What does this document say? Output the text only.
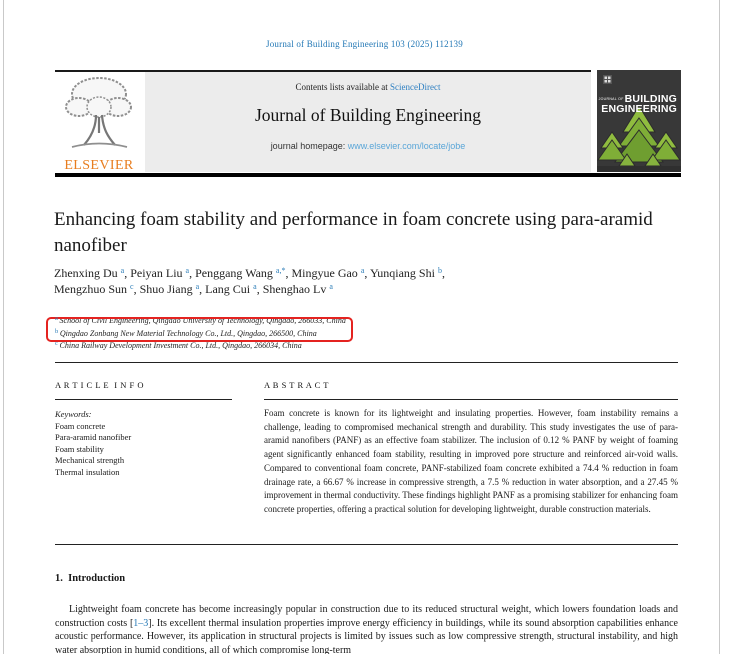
Journal of Building Engineering 103 (2025) 112139
ELSEVIER
Contents lists available at ScienceDirect
Journal of Building Engineering
journal homepage: www.elsevier.com/locate/jobe
JOURNAL OFBUILDING
ENGINEERING
Enhancing foam stability and performance in foam concrete using para-aramid nanofiber
Zhenxing Du $^a$, Peiyan Liu $^a$, Penggang Wang $^{a,*}$, Mingyue Gao $^a$, Yunqiang Shi $^b$,
Mengzhuo Sun $^c$, Shuo Jiang $^a$, Lang Cui $^a$, Shenghao Lv $^a$
$^a$ School of Civil Engineering, Qingdao University of Technology, Qingdao, 266033, China
$^b$ Qingdao Zonbang New Material Technology Co., Ltd., Qingdao, 266500, China
$^c$ China Railway Development Investment Co., Ltd., Qingdao, 266034, China
A R T I C L E  I N F O
Keywords:
Foam concrete
Para-aramid nanofiber
Foam stability
Mechanical strength
Thermal insulation
A B S T R A C T
Foam concrete is known for its lightweight and insulating properties. However, foam instability remains a challenge, leading to compromised mechanical strength and durability. This study investigates the use of para-aramid nanofibers (PANF) as an effective foam stabilizer. The inclusion of 0.12 % PANF by weight of foaming agent significantly enhanced foam stability, resulting in improved pore structure and reinforced air-void walls. Compared to conventional foam concrete, PANF-stabilized foam concrete exhibited a 74.4 % reduction in foam drainage rate, a 66.67 % increase in compressive strength, a 7.5 % reduction in water absorption, and a 27.45 % improvement in thermal conductivity. These findings highlight PANF as a promising stabilizer for enhancing foam concrete properties, offering a practical solution for developing lightweight, durable construction materials.
1.  Introduction

Lightweight foam concrete has become increasingly popular in construction due to its reduced structural weight, which lowers foundation loads and construction costs [1–3]. Its excellent thermal insulation properties improve energy efficiency in buildings, while its sound absorption capabilities enhance acoustic performance. However, its application in structural projects is limited by issues such as low compressive strength, structural instability, and high water absorption in humid conditions, all of which compromise long-term
